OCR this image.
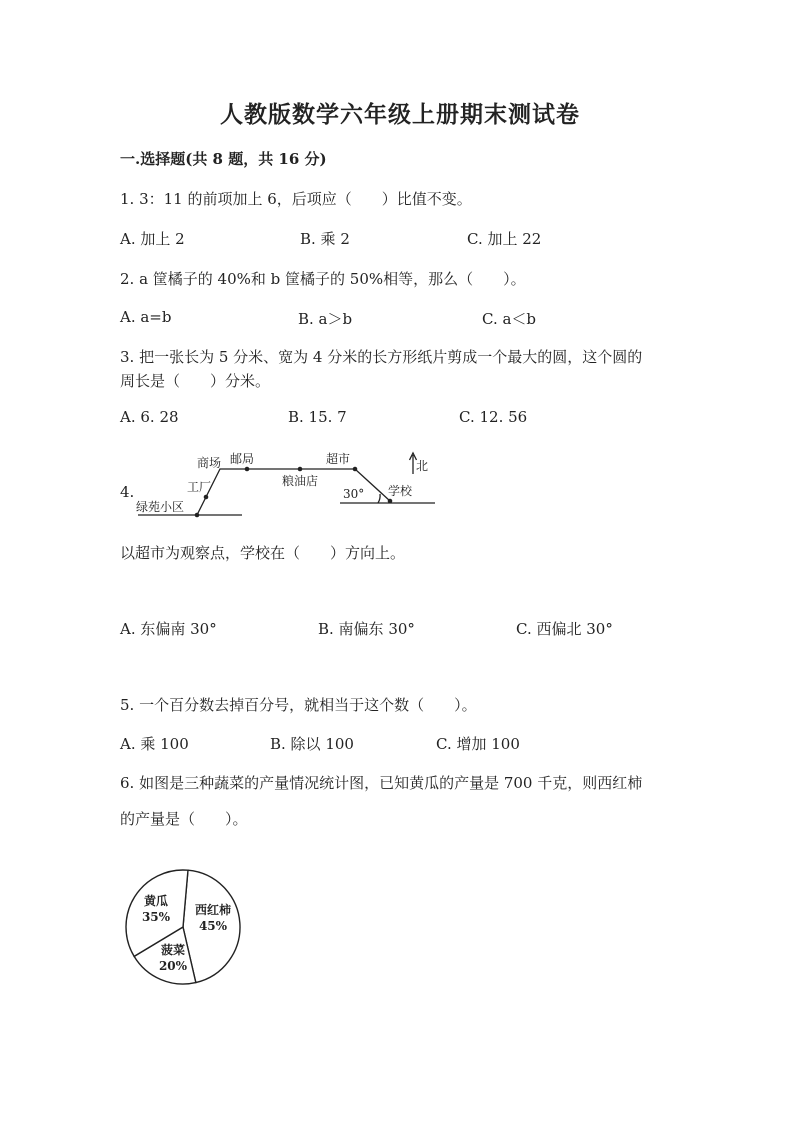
人教版数学六年级上册期末测试卷
一.选择题(共 8 题，共 16 分)
1. 3：11 的前项加上 6，后项应（　　）比值不变。
A. 加上 2	B. 乘 2	C. 加上 22
2. a 筐橘子的 40%和 b 筐橘子的 50%相等，那么（　　）。
A. a=b	B. a＞b	C. a＜b
3. 把一张长为 5 分米、宽为 4 分米的长方形纸片剪成一个最大的圆，这个圆的
周长是（　　）分米。
A. 6. 28	B. 15. 7	C. 12. 56
4.
商场 邮局
工厂
绿苑小区
粮油店
超市
学校
北
30°
以超市为观察点，学校在（　　）方向上。
A. 东偏南 30°	B. 南偏东 30°	C. 西偏北 30°
5. 一个百分数去掉百分号，就相当于这个数（　　）。
A. 乘 100	B. 除以 100	C. 增加 100
6. 如图是三种蔬菜的产量情况统计图，已知黄瓜的产量是 700 千克，则西红柿
的产量是（　　）。
黄瓜
35% 西红柿
45%
菠菜
20%
